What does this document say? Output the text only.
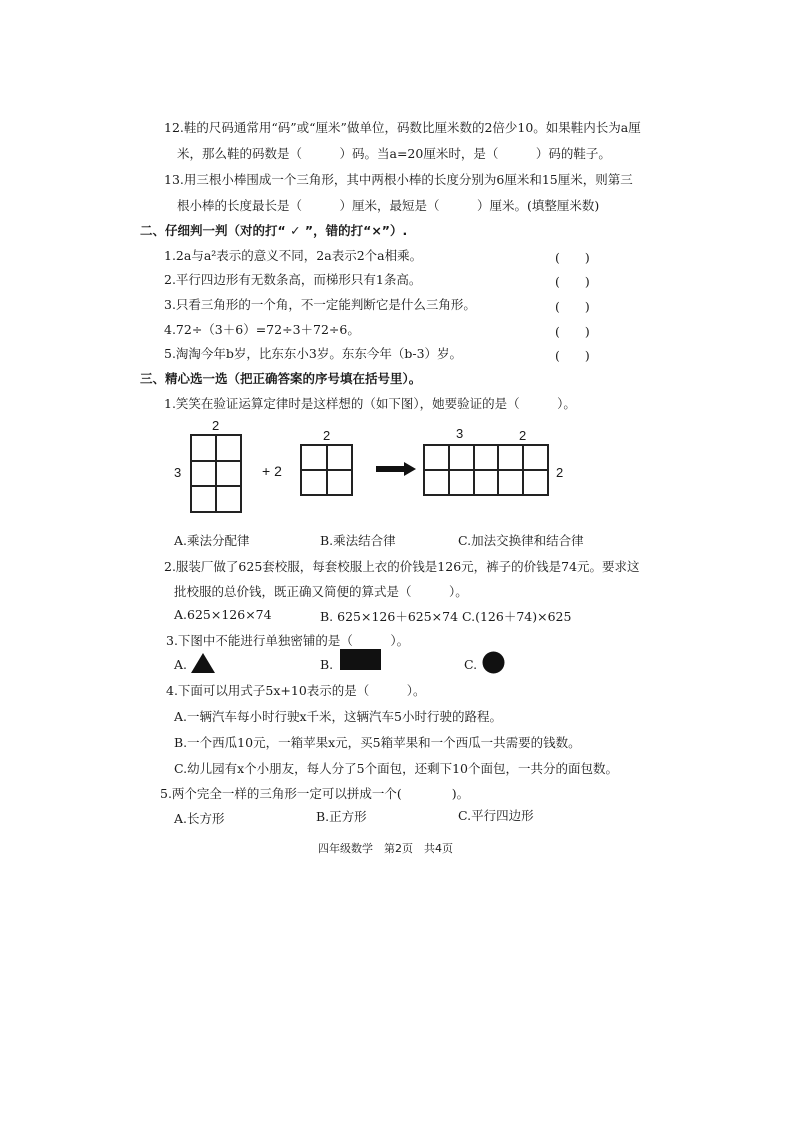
12.鞋的尺码通常用“码”或“厘米”做单位，码数比厘米数的2倍少10。如果鞋内长为a厘
米，那么鞋的码数是（　　　）码。当a=20厘米时，是（　　　）码的鞋子。
13.用三根小棒围成一个三角形，其中两根小棒的长度分别为6厘米和15厘米，则第三
根小棒的长度最长是（　　　）厘米，最短是（　　　）厘米。(填整厘米数)
二、仔细判一判（对的打“ ✓ ”，错的打“×”）.
1.2a与a²表示的意义不同，2a表示2个a相乘。	(　　)
2.平行四边形有无数条高，而梯形只有1条高。	(　　)
3.只看三角形的一个角，不一定能判断它是什么三角形。	(　　)
4.72÷（3＋6）=72÷3＋72÷6。	(　　)
5.淘淘今年b岁，比东东小3岁。东东今年（b-3）岁。	(　　)
三、精心选一选（把正确答案的序号填在括号里）。
1.笑笑在验证运算定律时是这样想的（如下图），她要验证的是（　　　）。
2
3	+ 2
2	3	2
2
A.乘法分配律	B.乘法结合律	C.加法交换律和结合律
2.服装厂做了625套校服，每套校服上衣的价钱是126元，裤子的价钱是74元。要求这
批校服的总价钱，既正确又简便的算式是（　　　）。
A.625×126×74	B. 625×126＋625×74 C.(126＋74)×625
3.下图中不能进行单独密铺的是（　　　）。
A.	B.	C.
4.下面可以用式子5x+10表示的是（　　　）。
A.一辆汽车每小时行驶x千米，这辆汽车5小时行驶的路程。
B.一个西瓜10元，一箱苹果x元，买5箱苹果和一个西瓜一共需要的钱数。
C.幼儿园有x个小朋友，每人分了5个面包，还剩下10个面包，一共分的面包数。
5.两个完全一样的三角形一定可以拼成一个(　　　　)。
A.长方形	B.正方形	C.平行四边形
四年级数学　第2页　共4页
